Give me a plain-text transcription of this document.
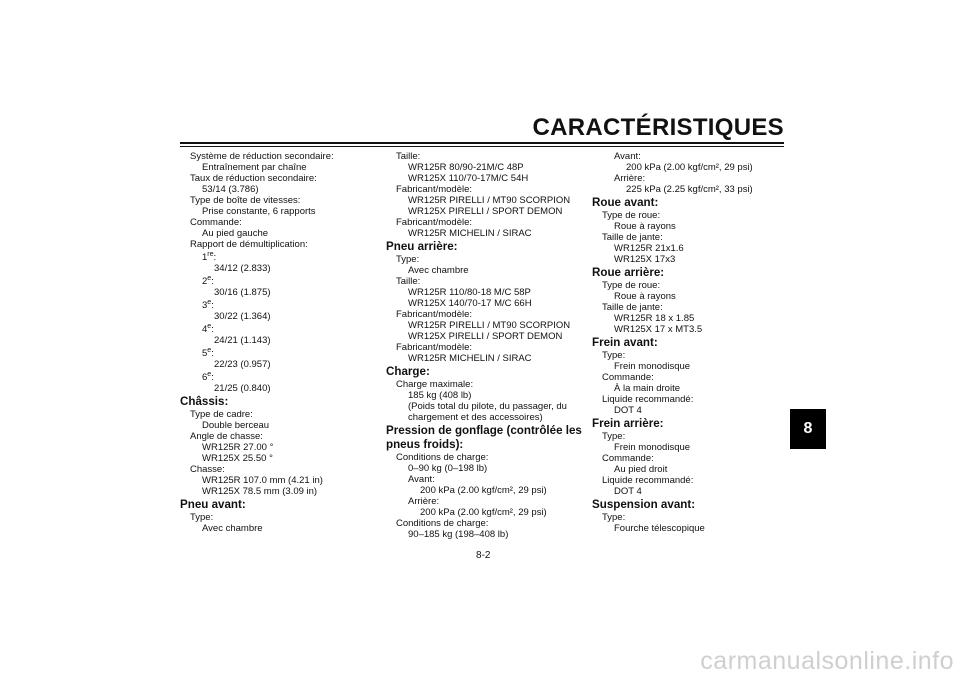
CARACTÉRISTIQUES
Système de réduction secondaire:
Entraînement par chaîne
Taux de réduction secondaire:
53/14 (3.786)
Type de boîte de vitesses:
Prise constante, 6 rapports
Commande:
Au pied gauche
Rapport de démultiplication:
1re:
34/12 (2.833)
2e:
30/16 (1.875)
3e:
30/22 (1.364)
4e:
24/21 (1.143)
5e:
22/23 (0.957)
6e:
21/25 (0.840)
Châssis:
Type de cadre:
Double berceau
Angle de chasse:
WR125R 27.00 °
WR125X 25.50 °
Chasse:
WR125R 107.0 mm (4.21 in)
WR125X 78.5 mm (3.09 in)
Pneu avant:
Type:
Avec chambre
Taille:
WR125R 80/90-21M/C 48P
WR125X 110/70-17M/C 54H
Fabricant/modèle:
WR125R PIRELLI / MT90 SCORPION
WR125X PIRELLI / SPORT DEMON
Fabricant/modèle:
WR125R MICHELIN / SIRAC
Pneu arrière:
Type:
Avec chambre
Taille:
WR125R 110/80-18 M/C 58P
WR125X 140/70-17 M/C 66H
Fabricant/modèle:
WR125R PIRELLI / MT90 SCORPION
WR125X PIRELLI / SPORT DEMON
Fabricant/modèle:
WR125R MICHELIN / SIRAC
Charge:
Charge maximale:
185 kg (408 lb)
(Poids total du pilote, du passager, du
chargement et des accessoires)
Pression de gonflage (contrôlée les
pneus froids):
Conditions de charge:
0–90 kg (0–198 lb)
Avant:
200 kPa (2.00 kgf/cm², 29 psi)
Arrière:
200 kPa (2.00 kgf/cm², 29 psi)
Conditions de charge:
90–185 kg (198–408 lb)
Avant:
200 kPa (2.00 kgf/cm², 29 psi)
Arrière:
225 kPa (2.25 kgf/cm², 33 psi)
Roue avant:
Type de roue:
Roue à rayons
Taille de jante:
WR125R 21x1.6
WR125X 17x3
Roue arrière:
Type de roue:
Roue à rayons
Taille de jante:
WR125R 18 x 1.85
WR125X 17 x MT3.5
Frein avant:
Type:
Frein monodisque
Commande:
À la main droite
Liquide recommandé:
DOT 4
Frein arrière:
Type:
Frein monodisque
Commande:
Au pied droit
Liquide recommandé:
DOT 4
Suspension avant:
Type:
Fourche télescopique
8
8-2
carmanualsonline.info
